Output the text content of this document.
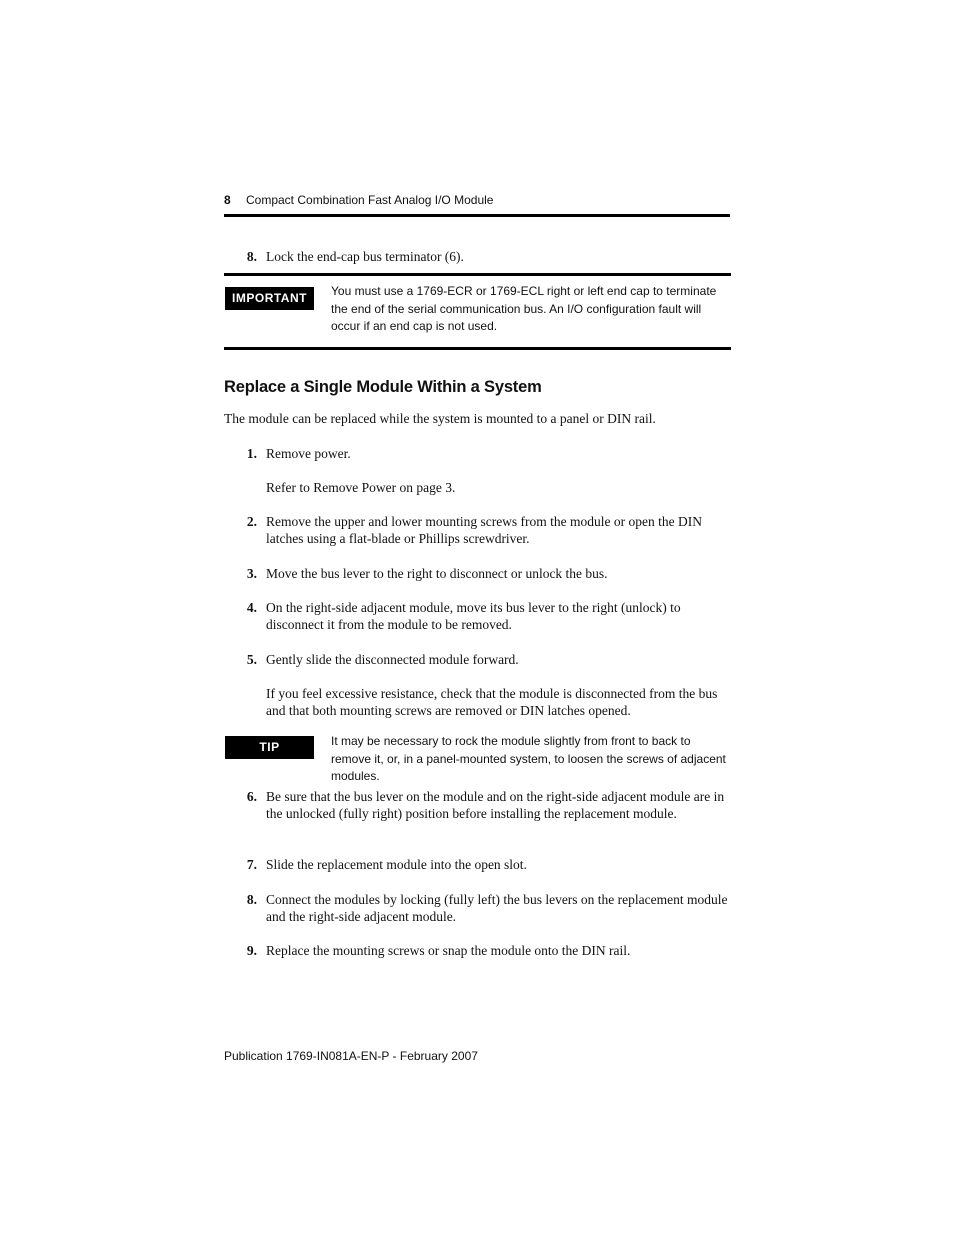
8 Compact Combination Fast Analog I/O Module
8. Lock the end-cap bus terminator (6).
IMPORTANT	You must use a 1769-ECR or 1769-ECL right or left end cap to terminate the end of the serial communication bus. An I/O configuration fault will occur if an end cap is not used.
Replace a Single Module Within a System
The module can be replaced while the system is mounted to a panel or DIN rail.
1. Remove power.
Refer to Remove Power on page 3.
2. Remove the upper and lower mounting screws from the module or open the DIN latches using a flat-blade or Phillips screwdriver.
3. Move the bus lever to the right to disconnect or unlock the bus.
4. On the right-side adjacent module, move its bus lever to the right (unlock) to disconnect it from the module to be removed.
5. Gently slide the disconnected module forward.
If you feel excessive resistance, check that the module is disconnected from the bus and that both mounting screws are removed or DIN latches opened.
TIP	It may be necessary to rock the module slightly from front to back to remove it, or, in a panel-mounted system, to loosen the screws of adjacent modules.
6. Be sure that the bus lever on the module and on the right-side adjacent module are in the unlocked (fully right) position before installing the replacement module.
7. Slide the replacement module into the open slot.
8. Connect the modules by locking (fully left) the bus levers on the replacement module and the right-side adjacent module.
9. Replace the mounting screws or snap the module onto the DIN rail.
Publication 1769-IN081A-EN-P - February 2007
